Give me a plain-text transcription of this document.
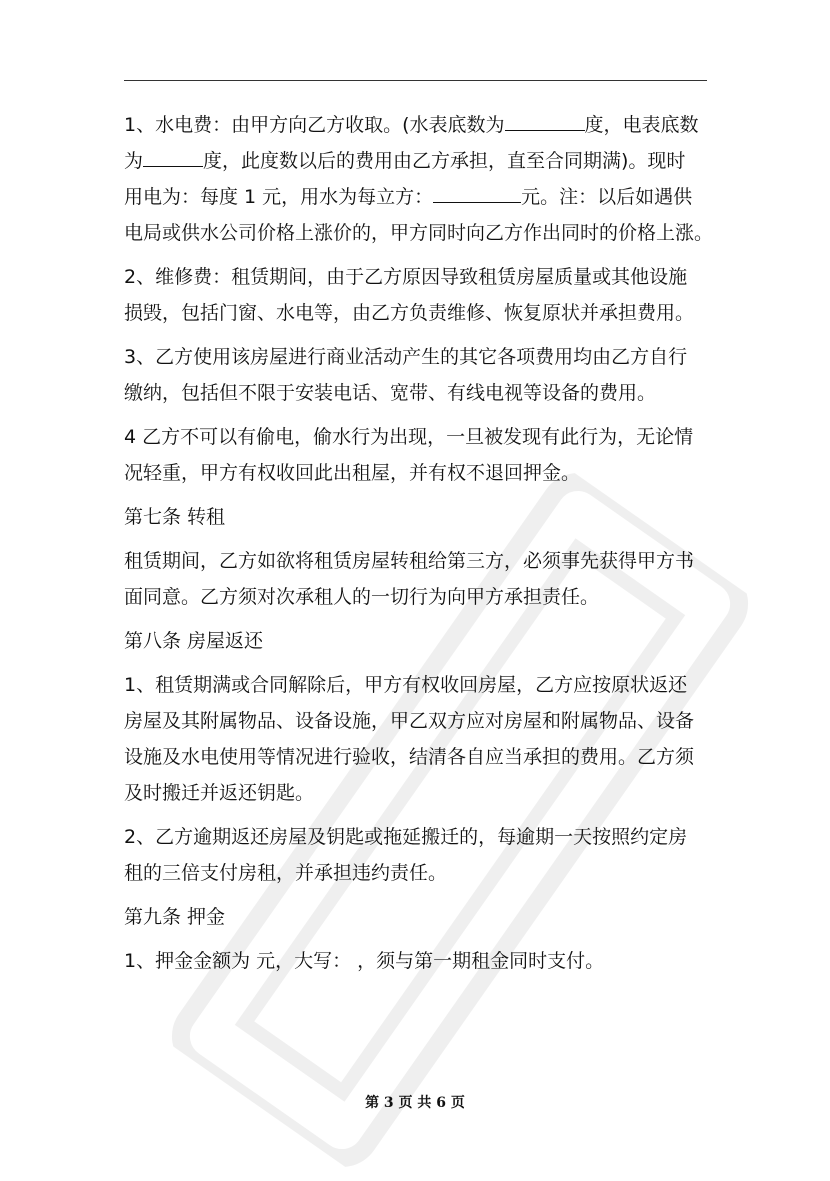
1、水电费：由甲方向乙方收取。(水表底数为	度，电表底数
为	度，此度数以后的费用由乙方承担，直至合同期满)。现时
用电为：每度 1 元，用水为每立方：	元。注：以后如遇供
电局或供水公司价格上涨价的，甲方同时向乙方作出同时的价格上涨。
2、维修费：租赁期间，由于乙方原因导致租赁房屋质量或其他设施
损毁，包括门窗、水电等，由乙方负责维修、恢复原状并承担费用。
3、乙方使用该房屋进行商业活动产生的其它各项费用均由乙方自行
缴纳，包括但不限于安装电话、宽带、有线电视等设备的费用。
4 乙方不可以有偷电，偷水行为出现，一旦被发现有此行为，无论情
况轻重，甲方有权收回此出租屋，并有权不退回押金。
第七条 转租
租赁期间，乙方如欲将租赁房屋转租给第三方，必须事先获得甲方书
面同意。乙方须对次承租人的一切行为向甲方承担责任。
第八条 房屋返还
1、租赁期满或合同解除后，甲方有权收回房屋，乙方应按原状返还
房屋及其附属物品、设备设施，甲乙双方应对房屋和附属物品、设备
设施及水电使用等情况进行验收，结清各自应当承担的费用。乙方须
及时搬迁并返还钥匙。
2、乙方逾期返还房屋及钥匙或拖延搬迁的，每逾期一天按照约定房
租的三倍支付房租，并承担违约责任。
第九条 押金
1、押金金额为 元，大写： ，须与第一期租金同时支付。
第 3 页 共 6 页
